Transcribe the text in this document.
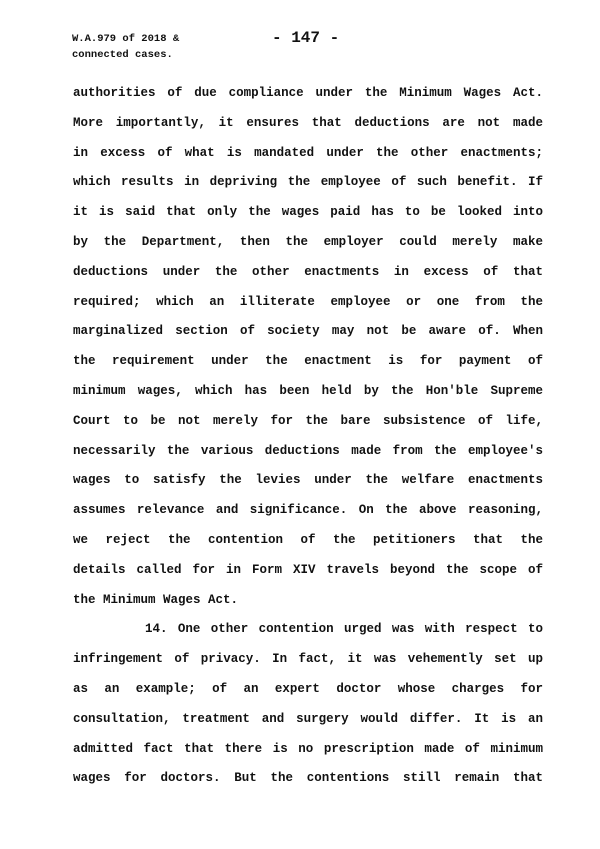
W.A.979 of 2018 &
connected cases.
- 147 -
authorities of due compliance under the Minimum Wages Act.
More importantly, it ensures that deductions are not made
in excess of what is mandated under the other enactments;
which results in depriving the employee of such benefit. If
it is said that only the wages paid has to be looked into
by the Department, then the employer could merely make
deductions under the other enactments in excess of that
required; which an illiterate employee or one from the
marginalized section of society may not be aware of. When
the requirement under the enactment is for payment of
minimum wages, which has been held by the Hon'ble Supreme
Court to be not merely for the bare subsistence of life,
necessarily the various deductions made from the employee's
wages to satisfy the levies under the welfare enactments
assumes relevance and significance. On the above reasoning,
we reject the contention of the petitioners that the
details called for in Form XIV travels beyond the scope of
the Minimum Wages Act.
14. One other contention urged was with respect to
infringement of privacy. In fact, it was vehemently set up
as an example; of an expert doctor whose charges for
consultation, treatment and surgery would differ. It is an
admitted fact that there is no prescription made of minimum
wages for doctors. But the contentions still remain that
